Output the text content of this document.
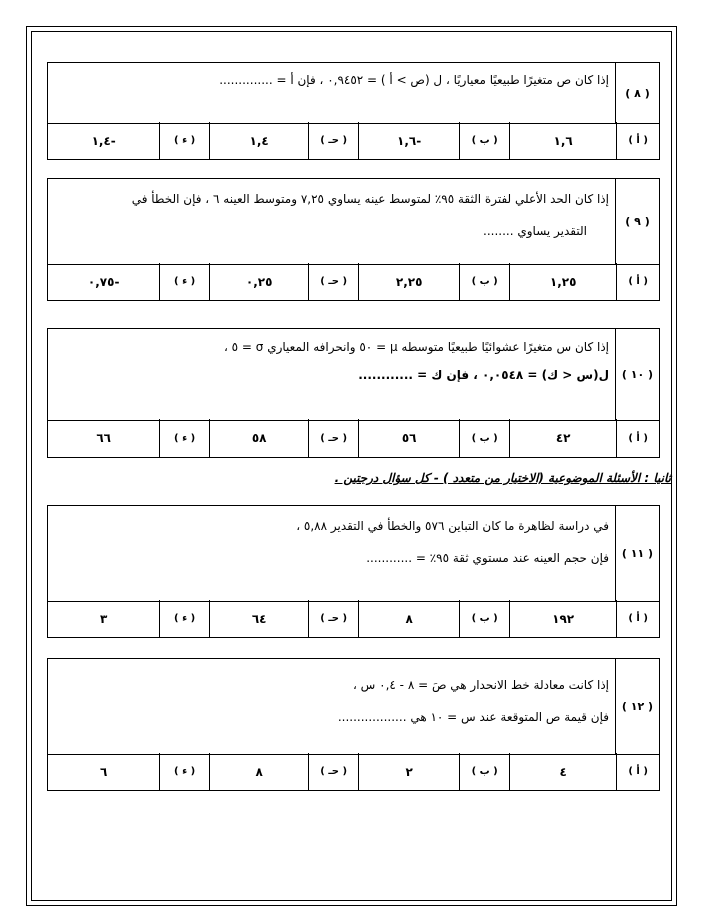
إذا كان ص متغيرًا طبيعيًا معياريًا ، ل (ص > أ ) = ٠,٩٤٥٢ ، فإن أ = ..............
( ٨ )
( أ )
١,٦
( ب )
-١,٦
( حـ )
١,٤
( ء )
-١,٤
إذا كان الحد الأعلي لفترة الثقة ٩٥٪ لمتوسط عينه يساوي ٧,٢٥ ومتوسط العينه ٦ ، فإن الخطأ في
التقدير يساوي ........
( ٩ )
( أ )
١,٢٥
( ب )
٢,٢٥
( حـ )
٠,٢٥
( ء )
-٠,٧٥
إذا كان س متغيرًا عشوائيًا طبيعيًا متوسطه μ = ٥٠ وانحرافه المعياري σ = ٥ ،
ل(س < ك) = ٠,٠٥٤٨ ، فإن ك = ............	( ١٠ )
( أ )
٤٢
( ب )
٥٦
( حـ )
٥٨
( ء )
٦٦
ثانيا : الأسئلة الموضوعية (الاختيار من متعدد ) - كل سؤال درجتين .
في دراسة لظاهرة ما كان التباين ٥٧٦ والخطأ في التقدير ٥,٨٨ ،
فإن حجم العينه عند مستوي ثقة ٩٥٪ = ............	( ١١ )
( أ )
١٩٢
( ب )
٨
( حـ )
٦٤
( ء )
٣
إذا كانت معادلة خط الانحدار هي صَ = ٨ - ٠,٤ س ،
فإن قيمة ص المتوقعة عند س = ١٠ هي ..................
( ١٢ )
( أ )
٤
( ب )
٢
( حـ )
٨
( ء )
٦
